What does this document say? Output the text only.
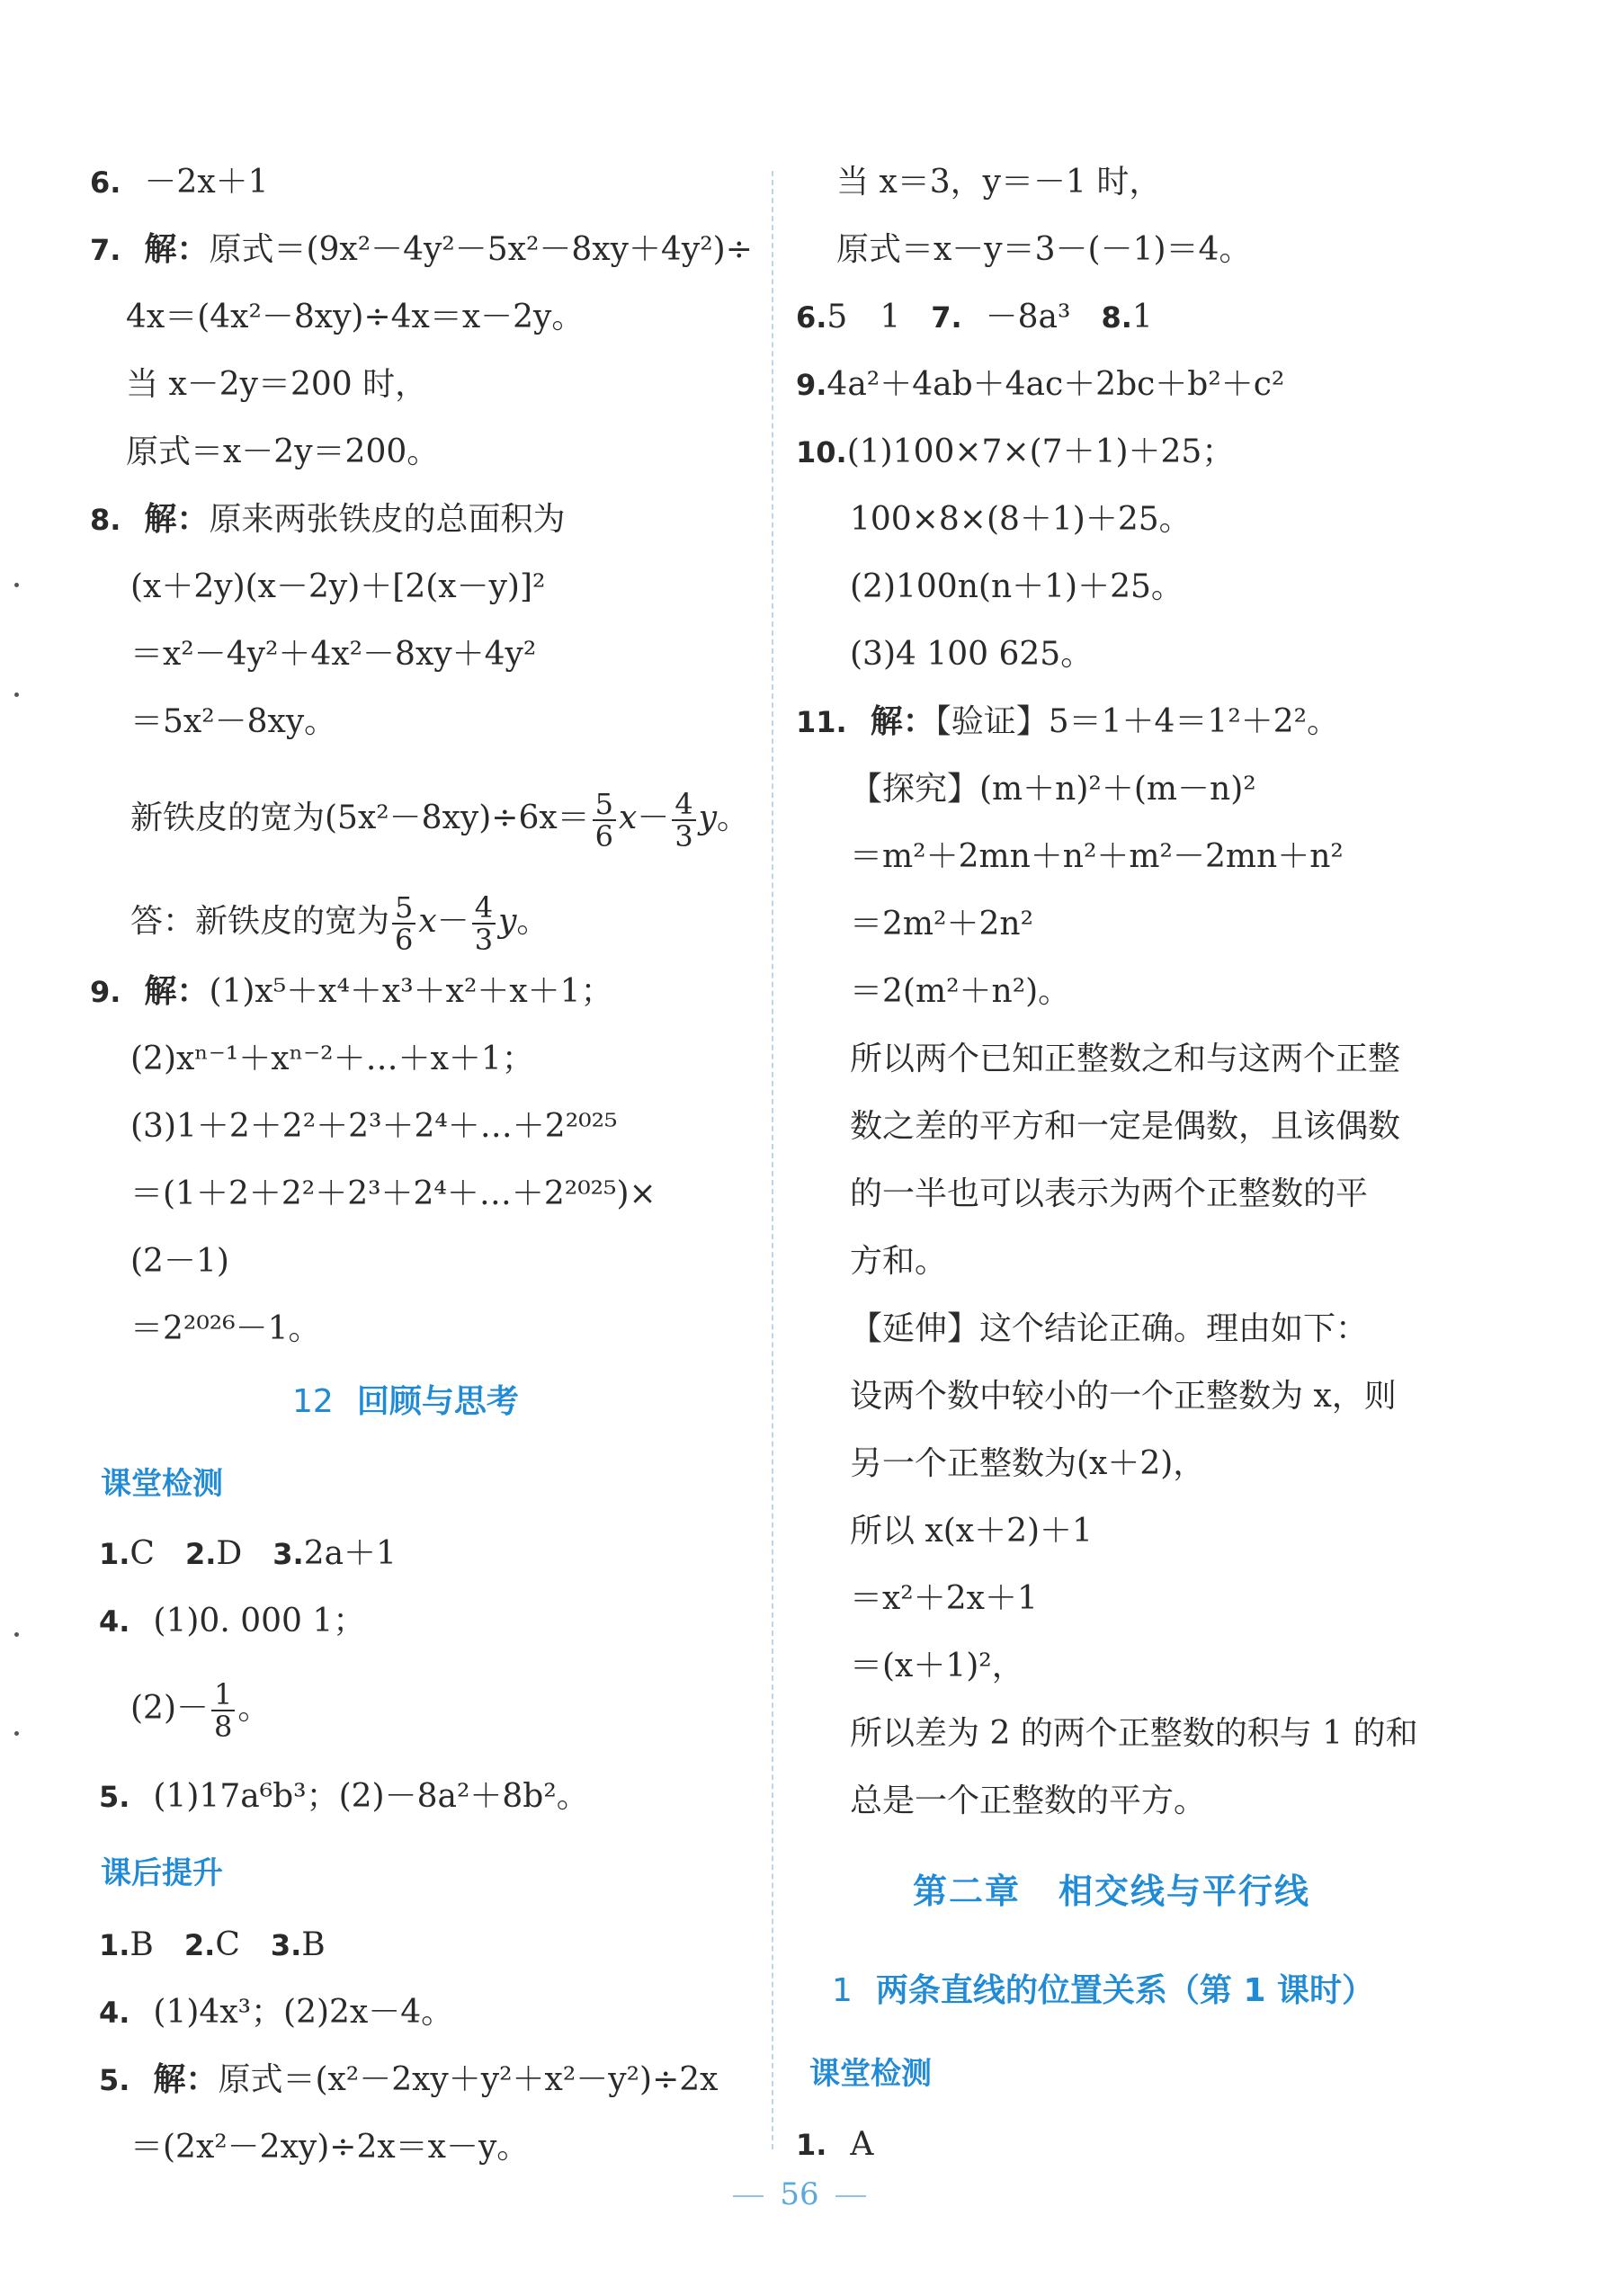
6. －2x＋1
7. 解：原式＝(9x²－4y²－5x²－8xy＋4y²)÷
4x＝(4x²－8xy)÷4x＝x－2y。
当 x－2y＝200 时，
原式＝x－2y＝200。
8. 解：原来两张铁皮的总面积为
(x＋2y)(x－2y)＋[2(x－y)]²
＝x²－4y²＋4x²－8xy＋4y²
＝5x²－8xy。
新铁皮的宽为$(5x^2-8xy)\div 6x= \frac{5}{6} x- \frac{4}{3}$ y。
答：新铁皮的宽为 $\frac{5}{6} x- \frac{4}{3}$ y。
9. 解：(1)x⁵＋x⁴＋x³＋x²＋x＋1；
(2)xⁿ⁻¹＋xⁿ⁻²＋…＋x＋1；
(3)1＋2＋2²＋2³＋2⁴＋…＋2²⁰²⁵
＝(1＋2＋2²＋2³＋2⁴＋…＋2²⁰²⁵)×
(2－1)
＝2²⁰²⁶－1。
12 回顾与思考
课堂检测
1.C 2.D 3.2a＋1
4. (1)0. 000 1；
$(2)- \frac{1}{8}$ 。
5. (1)17a⁶b³；(2)－8a²＋8b²。
课后提升
1.B 2.C 3.B
4. (1)4x³；(2)2x－4。
5. 解：原式＝(x²－2xy＋y²＋x²－y²)÷2x
＝(2x²－2xy)÷2x＝x－y。
当 x＝3，y＝－1 时，
原式＝x－y＝3－(－1)＝4。
6.5　1 7. －8a³ 8.1
9.4a²＋4ab＋4ac＋2bc＋b²＋c²
10.(1)100×7×(7＋1)＋25；
100×8×(8＋1)＋25。
(2)100n(n＋1)＋25。
(3)4 100 625。
11. 解：【验证】5＝1＋4＝1²＋2²。
【探究】(m＋n)²＋(m－n)²
＝m²＋2mn＋n²＋m²－2mn＋n²
＝2m²＋2n²
＝2(m²＋n²)。
所以两个已知正整数之和与这两个正整
数之差的平方和一定是偶数，且该偶数
的一半也可以表示为两个正整数的平
方和。
【延伸】这个结论正确。理由如下：
设两个数中较小的一个正整数为 x，则
另一个正整数为(x＋2)，
所以 x(x＋2)＋1
＝x²＋2x＋1
＝(x＋1)²，
所以差为 2 的两个正整数的积与 1 的和
总是一个正整数的平方。
第二章 相交线与平行线
1 两条直线的位置关系（第 1 课时）
课堂检测
1. A
56
